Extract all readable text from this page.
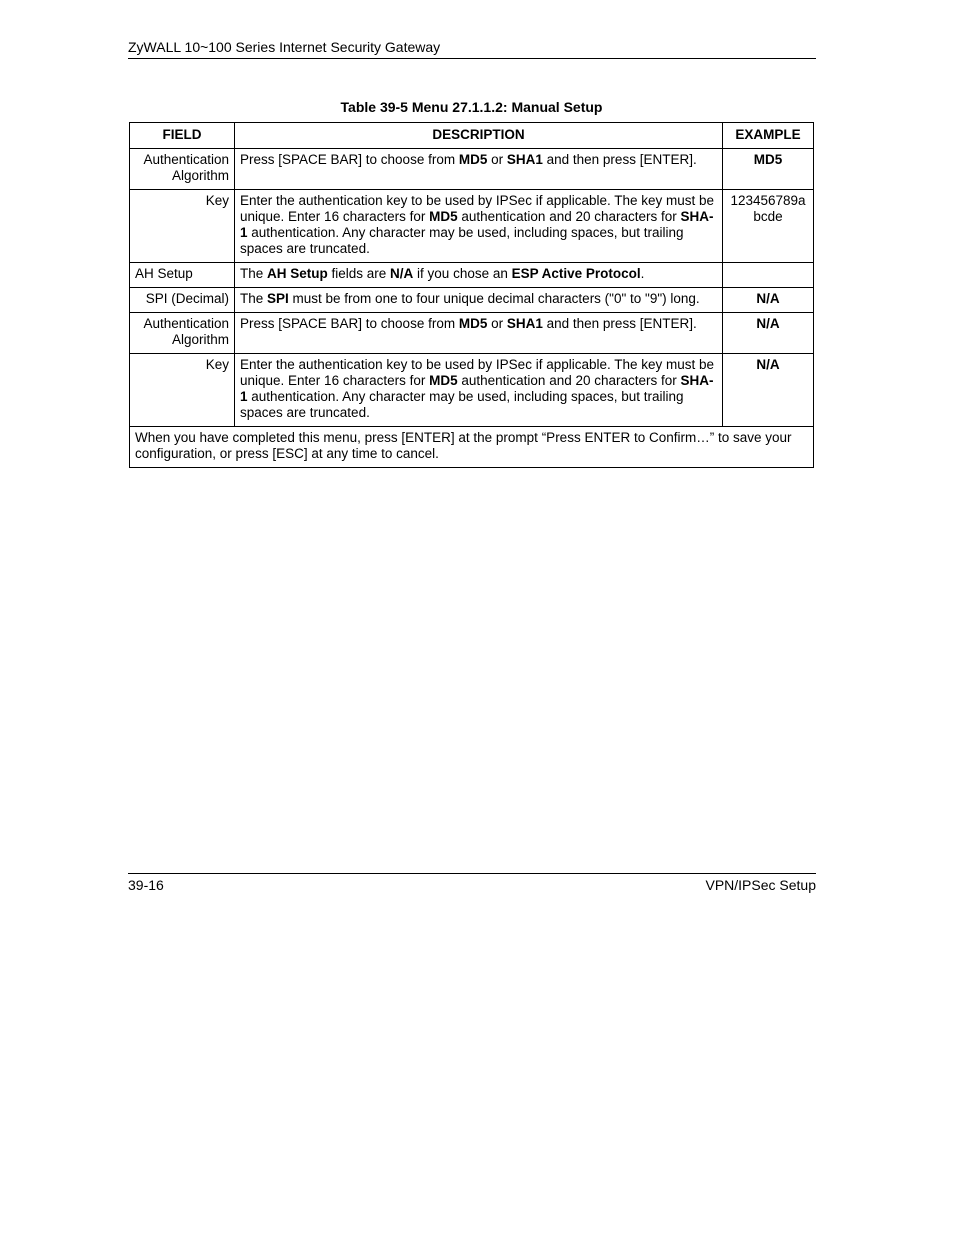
ZyWALL 10~100 Series Internet Security Gateway
Table 39-5 Menu 27.1.1.2: Manual Setup
FIELD	DESCRIPTION	EXAMPLE
Authentication Algorithm	Press [SPACE BAR] to choose from MD5 or SHA1 and then press [ENTER].	MD5
Key	Enter the authentication key to be used by IPSec if applicable. The key must be unique. Enter 16 characters for MD5 authentication and 20 characters for SHA-1 authentication. Any character may be used, including spaces, but trailing spaces are truncated.	123456789a bcde
AH Setup	The AH Setup fields are N/A if you chose an ESP Active Protocol.	
SPI (Decimal)	The SPI must be from one to four unique decimal characters ("0" to "9") long.	N/A
Authentication Algorithm	Press [SPACE BAR] to choose from MD5 or SHA1 and then press [ENTER].	N/A
Key	Enter the authentication key to be used by IPSec if applicable. The key must be unique. Enter 16 characters for MD5 authentication and 20 characters for SHA-1 authentication. Any character may be used, including spaces, but trailing spaces are truncated.	N/A
When you have completed this menu, press [ENTER] at the prompt “Press ENTER to Confirm…” to save your configuration, or press [ESC] at any time to cancel.		
39-16	VPN/IPSec Setup
